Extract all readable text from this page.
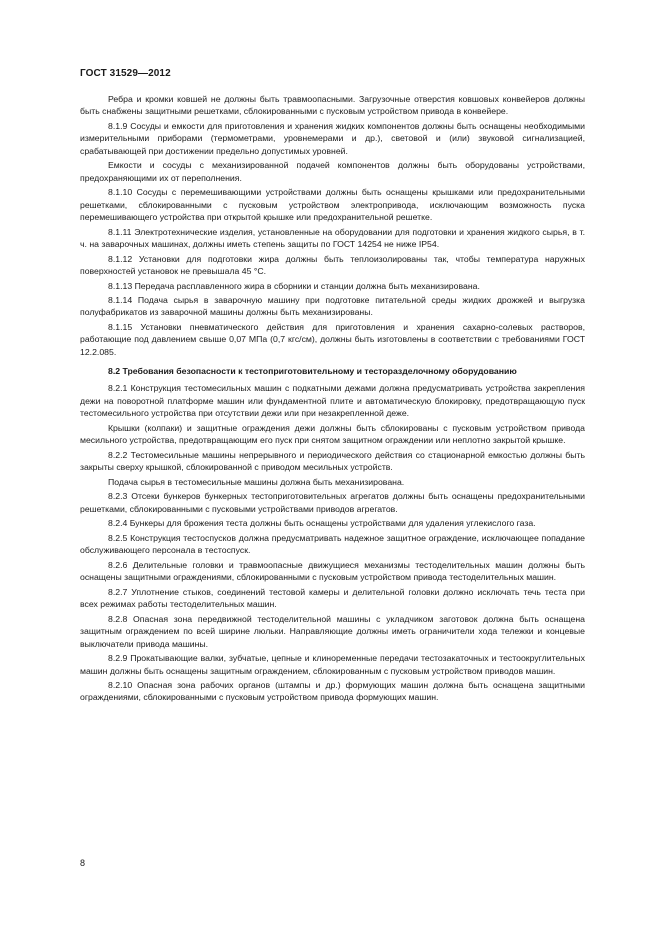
ГОСТ 31529—2012

Ребра и кромки ковшей не должны быть травмоопасными. Загрузочные отверстия ковшовых конвейеров должны быть снабжены защитными решетками, сблокированными с пусковым устройством привода в конвейере.

8.1.9 Сосуды и емкости для приготовления и хранения жидких компонентов должны быть оснащены необходимыми измерительными приборами (термометрами, уровнемерами и др.), световой и (или) звуковой сигнализацией, срабатывающей при достижении предельно допустимых уровней.

Емкости и сосуды с механизированной подачей компонентов должны быть оборудованы устройствами, предохраняющими их от переполнения.

8.1.10 Сосуды с перемешивающими устройствами должны быть оснащены крышками или предохранительными решетками, сблокированными с пусковым устройством электропривода, исключающим возможность пуска перемешивающего устройства при открытой крышке или предохранительной решетке.

8.1.11 Электротехнические изделия, установленные на оборудовании для подготовки и хранения жидкого сырья, в т. ч. на заварочных машинах, должны иметь степень защиты по ГОСТ 14254 не ниже IP54.

8.1.12 Установки для подготовки жира должны быть теплоизолированы так, чтобы температура наружных поверхностей установок не превышала 45 °С.

8.1.13 Передача расплавленного жира в сборники и станции должна быть механизирована.

8.1.14 Подача сырья в заварочную машину при подготовке питательной среды жидких дрожжей и выгрузка полуфабрикатов из заварочной машины должны быть механизированы.

8.1.15 Установки пневматического действия для приготовления и хранения сахарно-солевых растворов, работающие под давлением свыше 0,07 МПа (0,7 кгс/см), должны быть изготовлены в соответствии с требованиями ГОСТ 12.2.085.

8.2 Требования безопасности к тестоприготовительному и тесторазделочному оборудованию

8.2.1 Конструкция тестомесильных машин с подкатными дежами должна предусматривать устройства закрепления дежи на поворотной платформе машин или фундаментной плите и автоматическую блокировку, предотвращающую пуск тестомесильного устройства при отсутствии дежи или при незакрепленной деже.

Крышки (колпаки) и защитные ограждения дежи должны быть сблокированы с пусковым устройством привода месильного устройства, предотвращающим его пуск при снятом защитном ограждении или неплотно закрытой крышке.

8.2.2 Тестомесильные машины непрерывного и периодического действия со стационарной емкостью должны быть закрыты сверху крышкой, сблокированной с приводом месильных устройств.

Подача сырья в тестомесильные машины должна быть механизирована.

8.2.3 Отсеки бункеров бункерных тестоприготовительных агрегатов должны быть оснащены предохранительными решетками, сблокированными с пусковыми устройствами приводов агрегатов.

8.2.4 Бункеры для брожения теста должны быть оснащены устройствами для удаления углекислого газа.

8.2.5 Конструкция тестоспусков должна предусматривать надежное защитное ограждение, исключающее попадание обслуживающего персонала в тестоспуск.

8.2.6 Делительные головки и травмоопасные движущиеся механизмы тестоделительных машин должны быть оснащены защитными ограждениями, сблокированными с пусковым устройством привода тестоделительных машин.

8.2.7 Уплотнение стыков, соединений тестовой камеры и делительной головки должно исключать течь теста при всех режимах работы тестоделительных машин.

8.2.8 Опасная зона передвижной тестоделительной машины с укладчиком заготовок должна быть оснащена защитным ограждением по всей ширине люльки. Направляющие должны иметь ограничители хода тележки и концевые выключатели привода машины.

8.2.9 Прокатывающие валки, зубчатые, цепные и клиноременные передачи тестозакаточных и тестоокруглительных машин должны быть оснащены защитным ограждением, сблокированным с пусковым устройством приводов машин.

8.2.10 Опасная зона рабочих органов (штампы и др.) формующих машин должна быть оснащена защитными ограждениями, сблокированными с пусковым устройством привода формующих машин.

8
